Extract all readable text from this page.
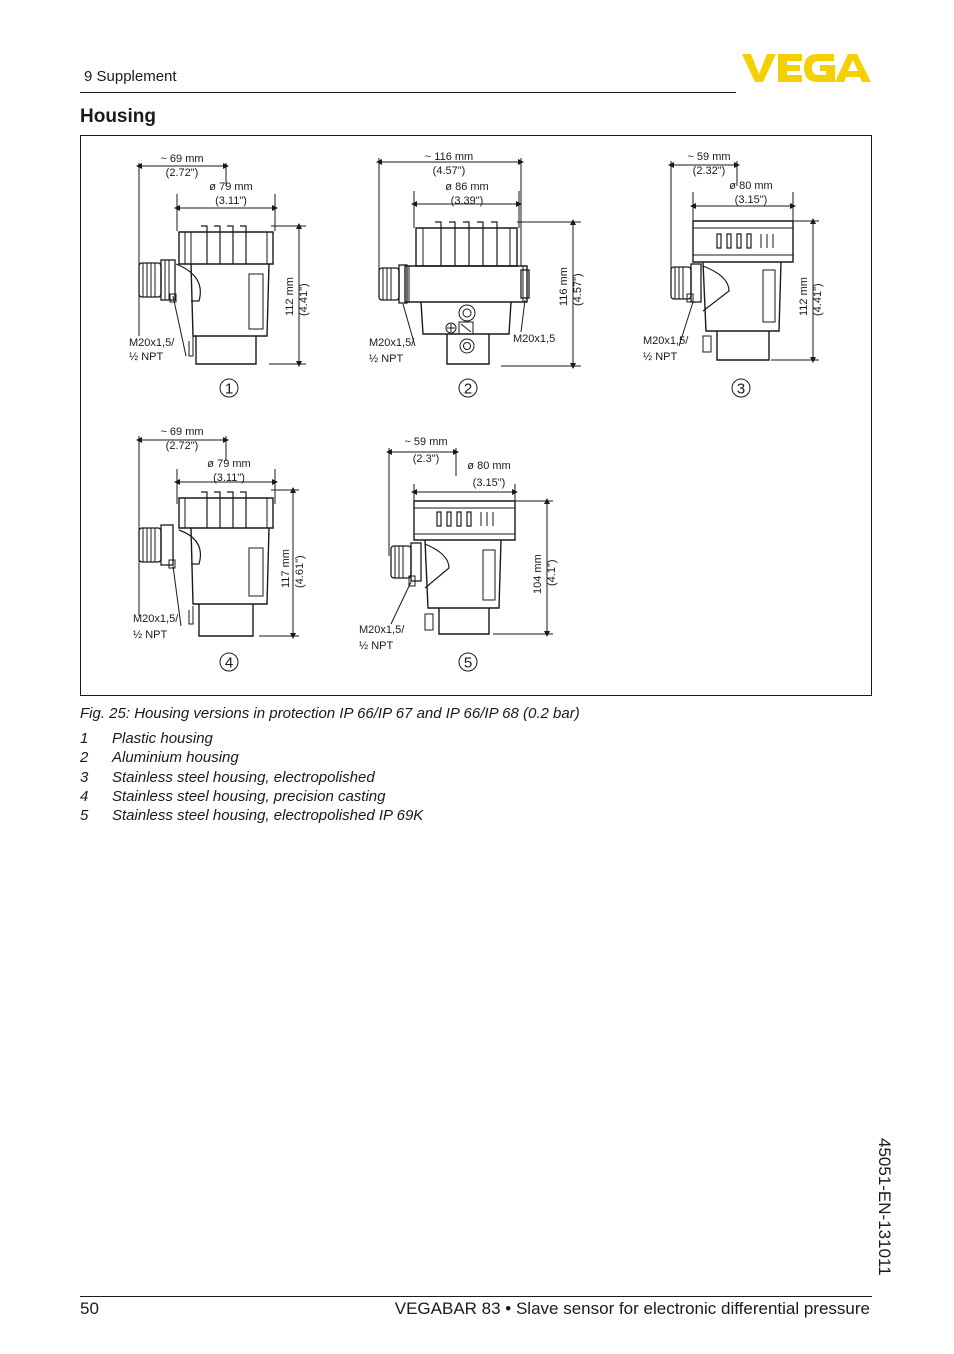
9 Supplement
VEGA
Housing
~ 69 mm
(2.72")
ø 79 mm
(3.11")
112 mm (4.41")
M20x1,5/
½ NPT
~ 116 mm
(4.57")
ø 86 mm
(3.39")
116 mm (4.57")
M20x1,5/
½ NPT
M20x1,5
~ 59 mm
(2.32")
ø 80 mm
(3.15")
112 mm (4.41")
M20x1,5/
½ NPT
~ 69 mm
(2.72")
ø 79 mm
(3.11")
117 mm (4.61")
M20x1,5/
½ NPT
~ 59 mm
(2.3")
ø 80 mm
(3.15")
104 mm (4.1")
M20x1,5/
½ NPT
1	2	3
4	5
Fig. 25: Housing versions in protection IP 66/IP 67 and IP 66/IP 68 (0.2 bar)
1 Plastic housing
2 Aluminium housing
3 Stainless steel housing, electropolished
4 Stainless steel housing, precision casting
5 Stainless steel housing, electropolished IP 69K
45051-EN-131011
50	VEGABAR 83 • Slave sensor for electronic differential pressure
